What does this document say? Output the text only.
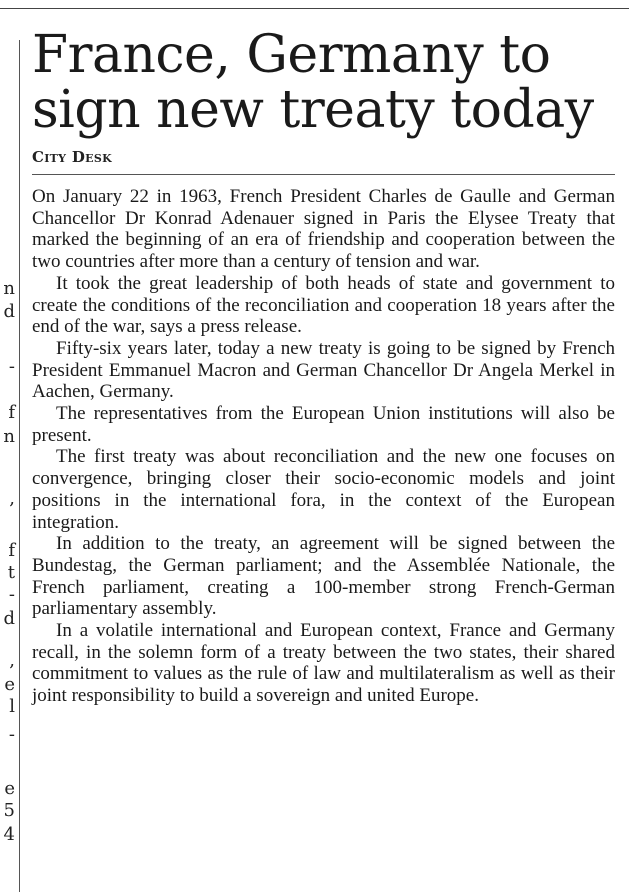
n
d
-
f
n
,
f
t
-
d
,
e
l
-
e
5
4
France, Germany to
sign new treaty today
City Desk

On January 22 in 1963, French President Charles de Gaulle and German Chancellor Dr Konrad Adenauer signed in Paris the Elysee Treaty that marked the beginning of an era of friendship and cooperation between the two countries after more than a century of tension and war.

It took the great leadership of both heads of state and government to create the conditions of the reconciliation and cooperation 18 years after the end of the war, says a press release.

Fifty-six years later, today a new treaty is going to be signed by French President Emmanuel Macron and German Chancellor Dr Angela Merkel in Aachen, Germany.

The representatives from the European Union institutions will also be present.

The first treaty was about reconciliation and the new one focuses on convergence, bringing closer their socio-economic models and joint positions in the international fora, in the context of the European integration.

In addition to the treaty, an agreement will be signed between the Bundestag, the German parliament; and the Assemblée Nationale, the French parliament, creating a 100-member strong French-German parliamentary assembly.

In a volatile international and European context, France and Germany recall, in the solemn form of a treaty between the two states, their shared commitment to values as the rule of law and multilateralism as well as their joint responsibility to build a sovereign and united Europe.
